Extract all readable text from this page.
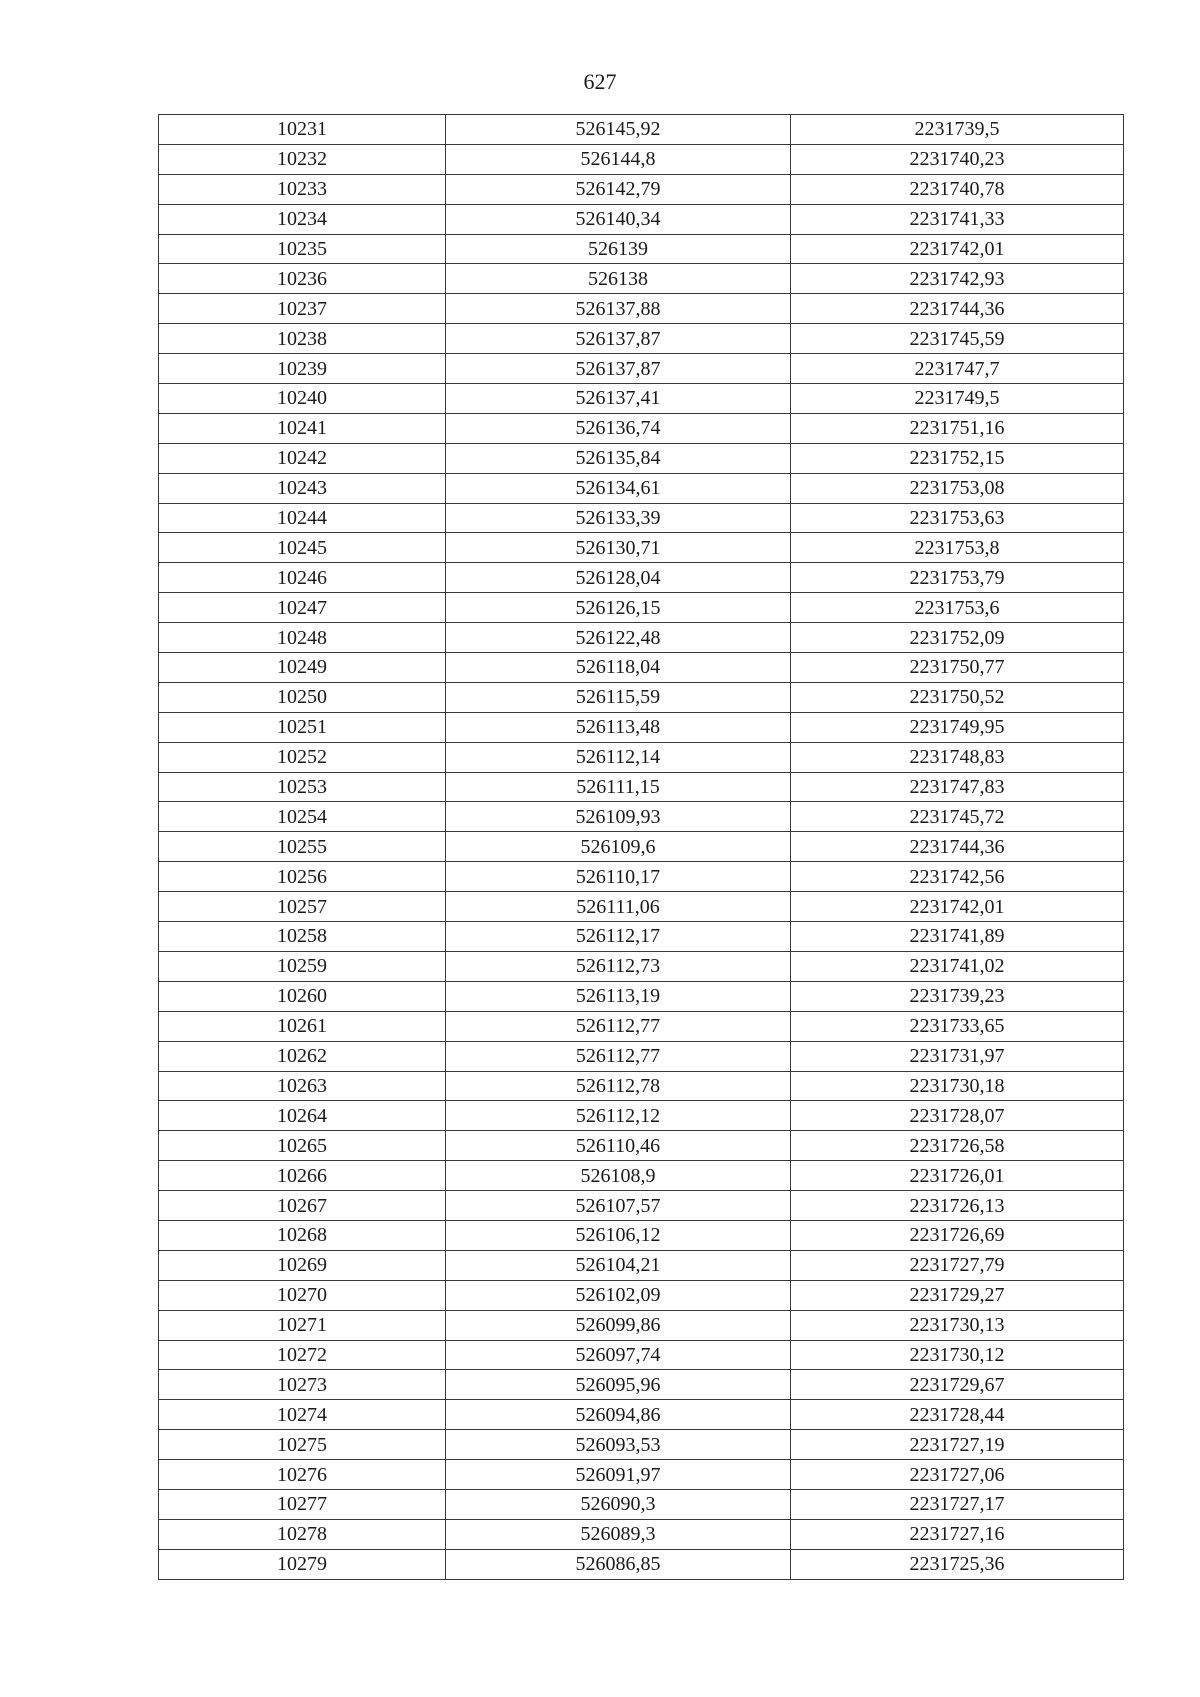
627
10231	526145,92	2231739,5
10232	526144,8	2231740,23
10233	526142,79	2231740,78
10234	526140,34	2231741,33
10235	526139	2231742,01
10236	526138	2231742,93
10237	526137,88	2231744,36
10238	526137,87	2231745,59
10239	526137,87	2231747,7
10240	526137,41	2231749,5
10241	526136,74	2231751,16
10242	526135,84	2231752,15
10243	526134,61	2231753,08
10244	526133,39	2231753,63
10245	526130,71	2231753,8
10246	526128,04	2231753,79
10247	526126,15	2231753,6
10248	526122,48	2231752,09
10249	526118,04	2231750,77
10250	526115,59	2231750,52
10251	526113,48	2231749,95
10252	526112,14	2231748,83
10253	526111,15	2231747,83
10254	526109,93	2231745,72
10255	526109,6	2231744,36
10256	526110,17	2231742,56
10257	526111,06	2231742,01
10258	526112,17	2231741,89
10259	526112,73	2231741,02
10260	526113,19	2231739,23
10261	526112,77	2231733,65
10262	526112,77	2231731,97
10263	526112,78	2231730,18
10264	526112,12	2231728,07
10265	526110,46	2231726,58
10266	526108,9	2231726,01
10267	526107,57	2231726,13
10268	526106,12	2231726,69
10269	526104,21	2231727,79
10270	526102,09	2231729,27
10271	526099,86	2231730,13
10272	526097,74	2231730,12
10273	526095,96	2231729,67
10274	526094,86	2231728,44
10275	526093,53	2231727,19
10276	526091,97	2231727,06
10277	526090,3	2231727,17
10278	526089,3	2231727,16
10279	526086,85	2231725,36
